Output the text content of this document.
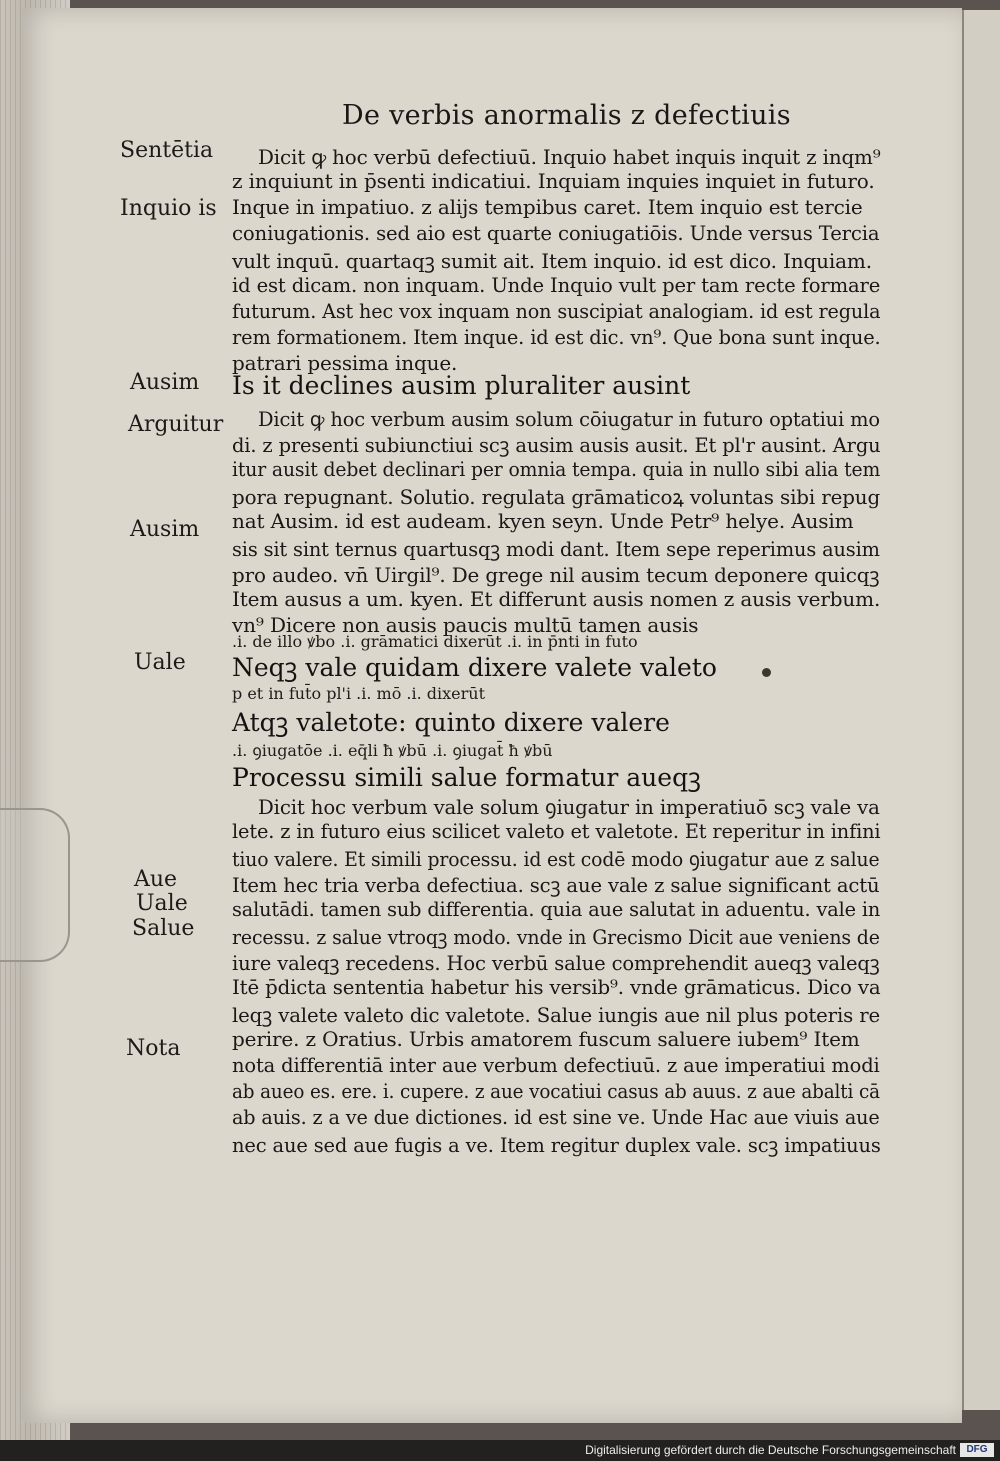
De verbis anormalis z defectiuis
Sentētia
Inquio is
Ausim
Arguitur
Ausim
Uale
Aue
Uale
Salue
Nota
Dicit ꝙ hoc verbū defectiuū. Inquio habet inquis inquit z inqm⁹
z inquiunt in p̄senti indicatiui. Inquiam inquies inquiet in futuro.
Inque in impatiuo. z alijs tempibus caret. Item inquio est tercie
coniugationis. sed aio est quarte coniugatiōis. Unde versus Tercia
vult inquū. quartaqꝫ sumit ait. Item inquio. id est dico. Inquiam.
id est dicam. non inquam. Unde Inquio vult per tam recte formare
futurum. Ast hec vox inquam non suscipiat analogiam. id est regula
rem formationem. Item inque. id est dic. vn⁹. Que bona sunt inque.
patrari pessima inque.
Is it declines ausim pluraliter ausint
Dicit ꝙ hoc verbum ausim solum cōiugatur in futuro optatiui mo
di. z presenti subiunctiui scꝫ ausim ausis ausit. Et pl'r ausint. Argu
itur ausit debet declinari per omnia tempa. quia in nullo sibi alia tem
pora repugnant. Solutio. regulata grāmaticoꝝ voluntas sibi repug
nat Ausim. id est audeam. kyen seyn. Unde Petr⁹ helye. Ausim
sis sit sint ternus quartusqꝫ modi dant. Item sepe reperimus ausim
pro audeo. vn̄ Uirgil⁹. De grege nil ausim tecum deponere quicqꝫ
Item ausus a um. kyen. Et differunt ausis nomen z ausis verbum.
vn⁹ Dicere non ausis paucis multū tamen ausis
.i. de illo ꝟbo .i. grāmatici dixerūt .i. in p̄nti in fut̄o
Neqꝫ vale quidam dixere valete valeto
p et in fut̄o pl'i .i. mō .i. dixerūt
Atqꝫ valetote: quinto dixere valere
.i. ꝯiugatōe .i. eq̄li ħ ꝟbū .i. ꝯiugat̄ ħ ꝟbū
Processu simili salue formatur aueqꝫ
Dicit hoc verbum vale solum ꝯiugatur in imperatiuō scꝫ vale va
lete. z in futuro eius scilicet valeto et valetote. Et reperitur in infini
tiuo valere. Et simili processu. id est codē modo ꝯiugatur aue z salue
Item hec tria verba defectiua. scꝫ aue vale z salue significant actū
salutādi. tamen sub differentia. quia aue salutat in aduentu. vale in
recessu. z salue vtroqꝫ modo. vnde in Grecismo Dicit aue veniens de
iure valeqꝫ recedens. Hoc verbū salue comprehendit aueqꝫ valeqꝫ
Itē p̄dicta sententia habetur his versib⁹. vnde grāmaticus. Dico va
leqꝫ valete valeto dic valetote. Salue iungis aue nil plus poteris re
perire. z Oratius. Urbis amatorem fuscum saluere iubem⁹ Item
nota differentiā inter aue verbum defectiuū. z aue imperatiui modi
ab aueo es. ere. i. cupere. z aue vocatiui casus ab auus. z aue abalti cā
ab auis. z a ve due dictiones. id est sine ve. Unde Hac aue viuis aue
nec aue sed aue fugis a ve. Item regitur duplex vale. scꝫ impatiuus
Digitalisierung gefördert durch die Deutsche Forschungsgemeinschaft	DFG
